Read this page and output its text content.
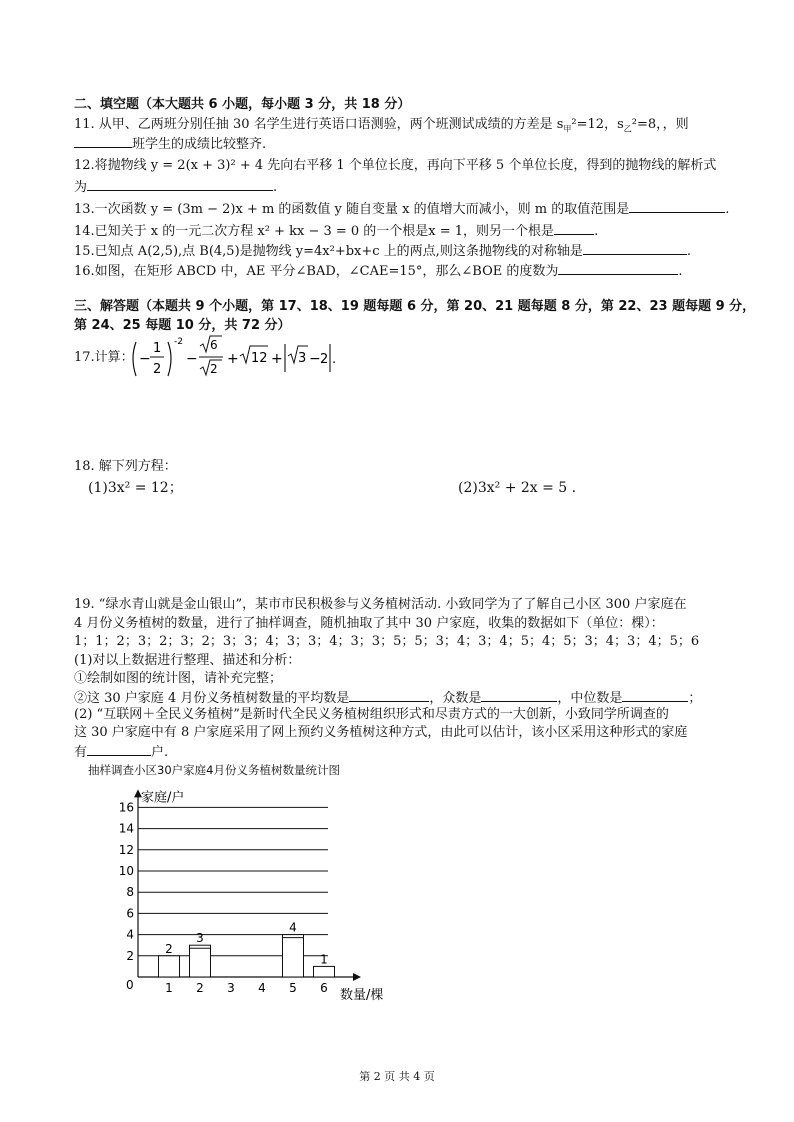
二、填空题（本大题共 6 小题，每小题 3 分，共 18 分）
11. 从甲、乙两班分别任抽 30 名学生进行英语口语测验，两个班测试成绩的方差是 $s_甲^2=12$，$s_乙^2=8$，，则
班学生的成绩比较整齐.
12.将抛物线 y = 2(x + 3)² + 4 先向右平移 1 个单位长度，再向下平移 5 个单位长度，得到的抛物线的解析式
为	.
13.一次函数 y = (3m − 2)x + m 的函数值 y 随自变量 x 的值增大而减小，则 m 的取值范围是	.
14.已知关于 x 的一元二次方程 x² + kx − 3 = 0 的一个根是x = 1，则另一个根是	.
15.已知点 A(2,5),点 B(4,5)是抛物线 y=4x²+bx+c 上的两点,则这条抛物线的对称轴是	.
16.如图，在矩形 ABCD 中，AE 平分∠BAD，∠CAE=15°，那么∠BOE 的度数为	.
三、解答题（本题共 9 个小题，第 17、18、19 题每题 6 分，第 20、21 题每题 8 分，第 22、23 题每题 9 分，
第 24、25 每题 10 分，共 72 分）
17.计算： −
1
2
-2
−
6
2
+ 12 + 3 − 2 .
18. 解下列方程：
(1)3x² = 12；	(2)3x² + 2x = 5 .
19. “绿水青山就是金山银山”，某市市民积极参与义务植树活动. 小致同学为了了解自己小区 300 户家庭在
4 月份义务植树的数量，进行了抽样调查，随机抽取了其中 30 户家庭，收集的数据如下（单位：棵）：
1；1；2；3；2；3；2；3；3；4；3；3；4；3；3；5；5；3；4；3；4；5；4；5；3；4；3；4；5；6
(1)对以上数据进行整理、描述和分析：
①绘制如图的统计图，请补充完整；
②这 30 户家庭 4 月份义务植树数量的平均数是	，众数是	，中位数是	；
(2) “互联网＋全民义务植树”是新时代全民义务植树组织形式和尽责方式的一大创新，小致同学所调查的
这 30 户家庭中有 8 户家庭采用了网上预约义务植树这种方式，由此可以估计，该小区采用这种形式的家庭
有	户.
抽样调查小区30户家庭4月份义务植树数量统计图
2
4
6
8
10
12
14
16
家庭/户
数量/棵
0	1
2
2
3
3 4 5
4
6
1
第 2 页 共 4 页
